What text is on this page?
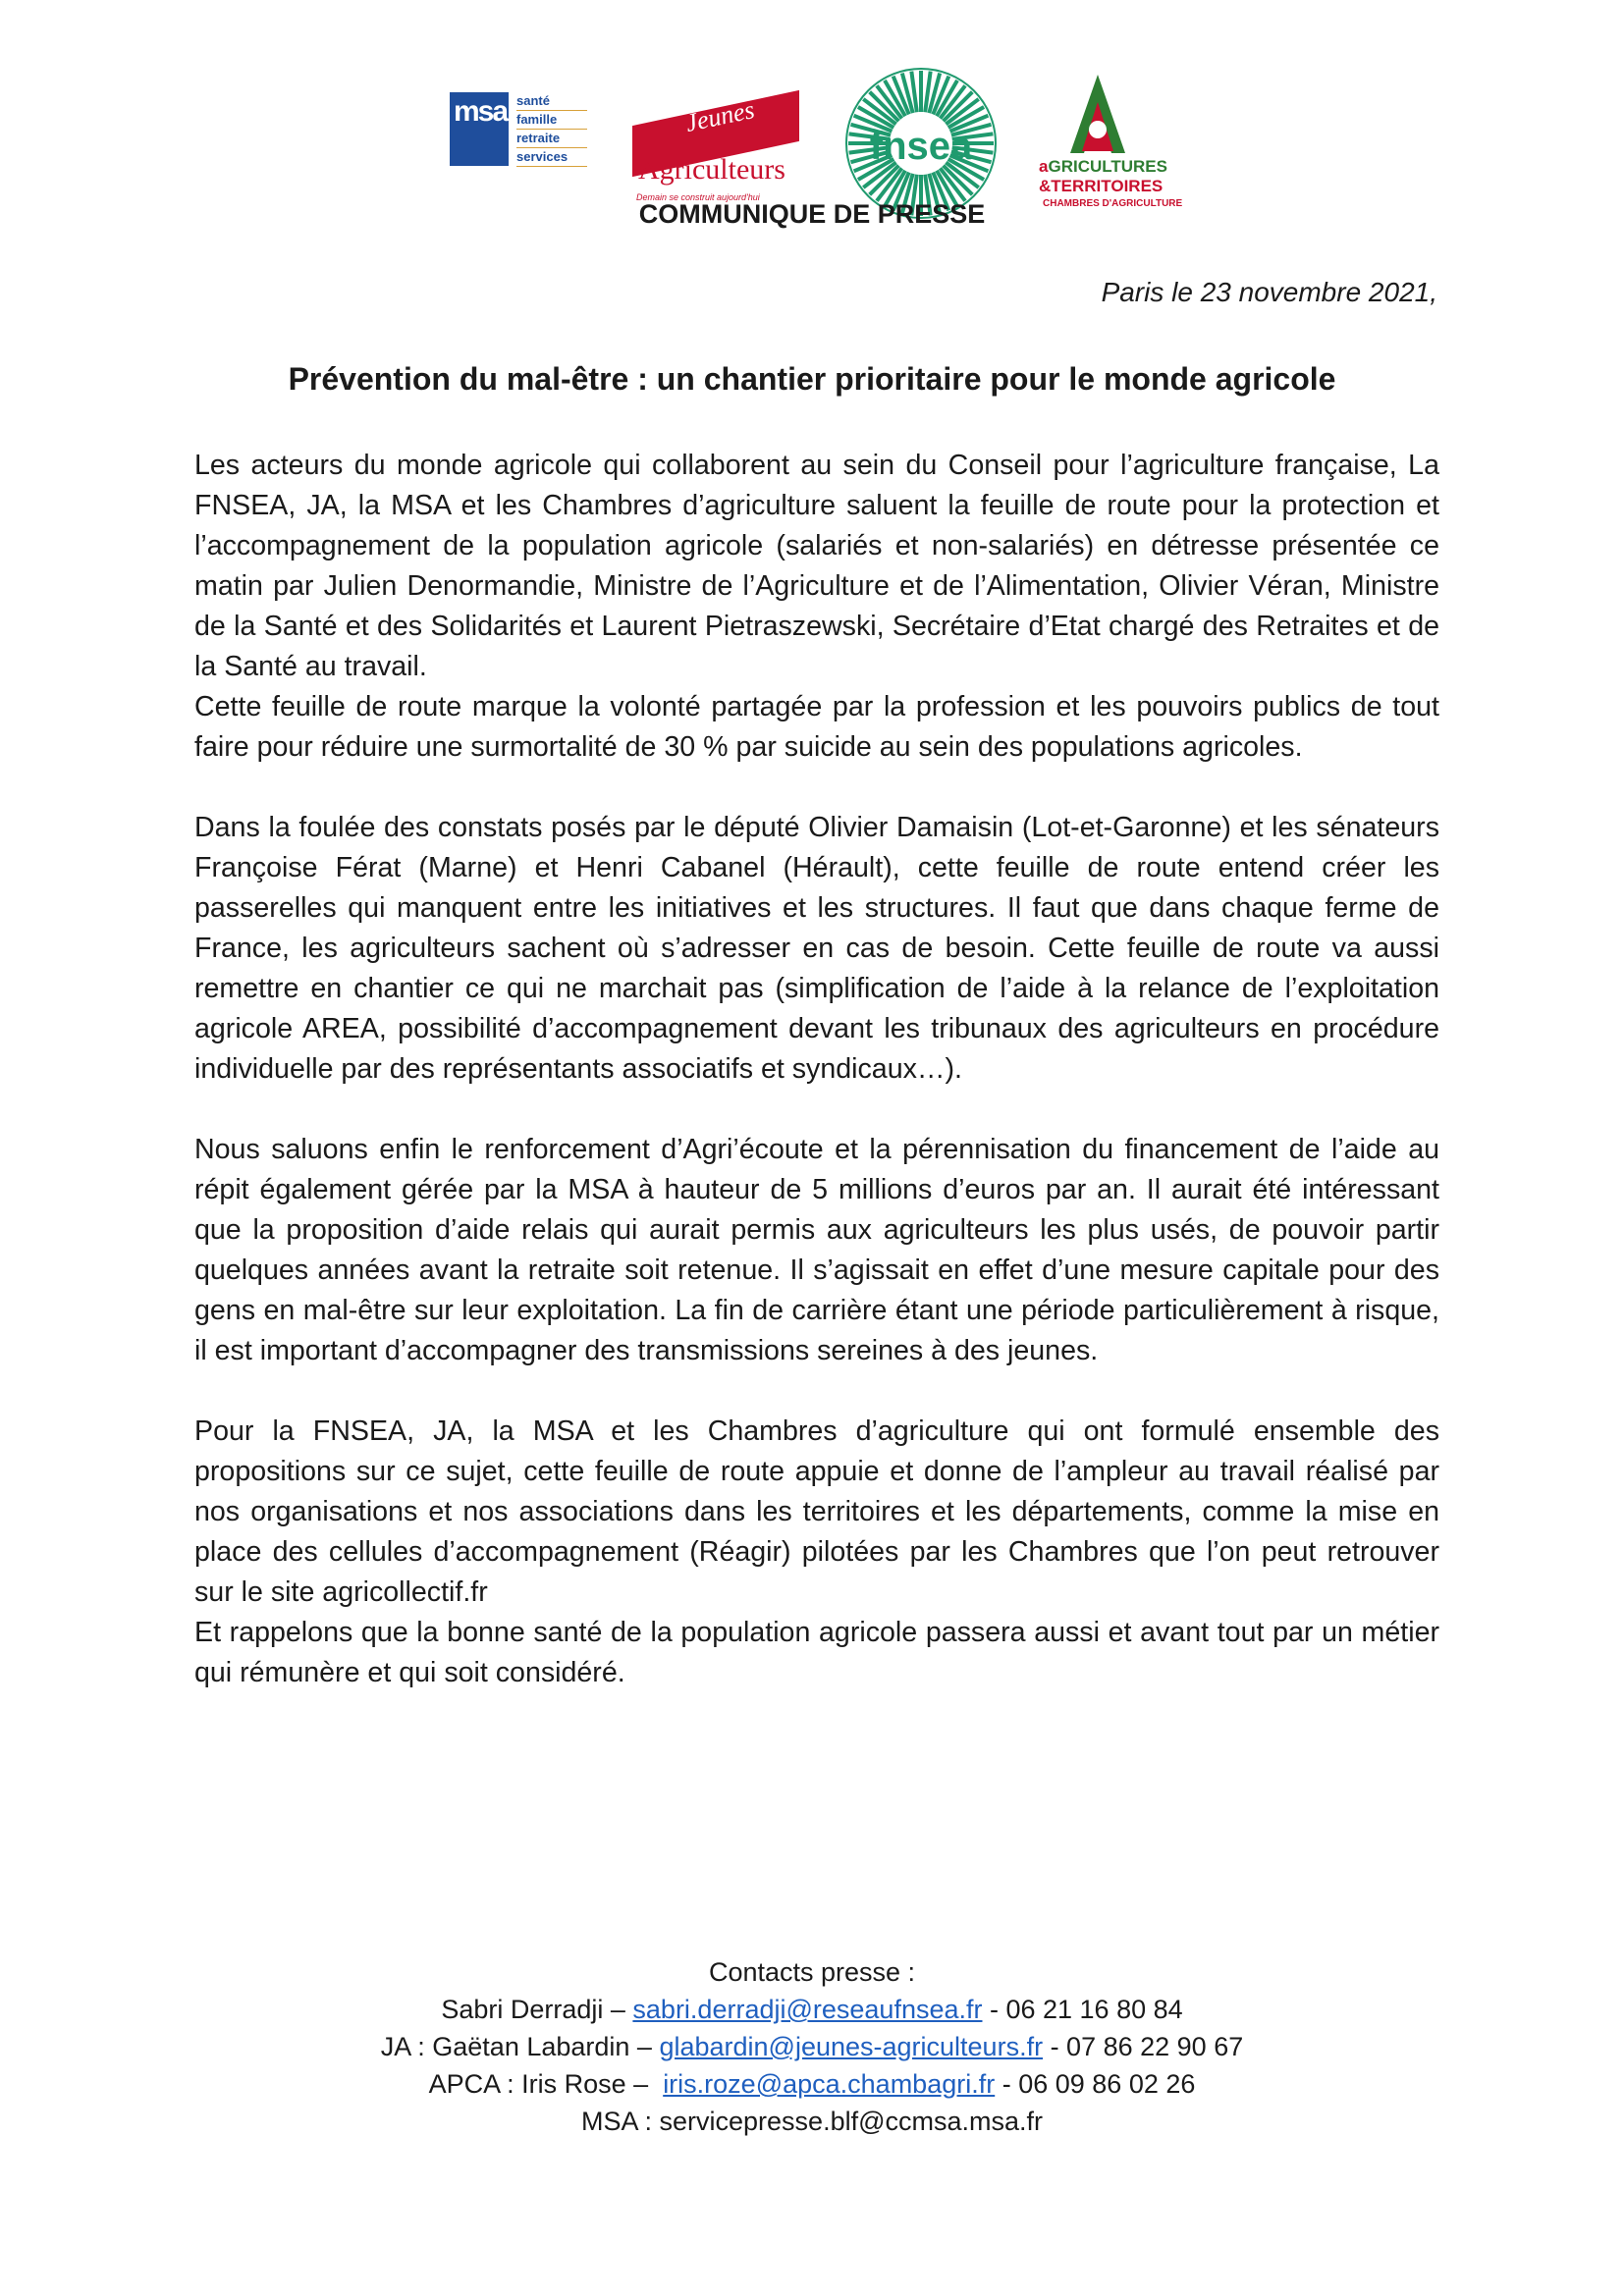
msa santé
famille
retraite
services
Jeunes
Agriculteurs
Demain se construit aujourd'hui
fnsea	aGRICULTURES
&TERRITOIRES
CHAMBRES D'AGRICULTURE
COMMUNIQUE DE PRESSE
Paris le 23 novembre 2021,
Prévention du mal-être : un chantier prioritaire pour le monde agricole

Les acteurs du monde agricole qui collaborent au sein du Conseil pour l’agriculture française, La FNSEA, JA, la MSA et les Chambres d’agriculture saluent la feuille de route pour la protection et l’accompagnement de la population agricole (salariés et non-salariés) en détresse présentée ce matin par Julien Denormandie, Ministre de l’Agriculture et de l’Alimentation, Olivier Véran, Ministre de la Santé et des Solidarités et Laurent Pietraszewski, Secrétaire d’Etat chargé des Retraites et de la Santé au travail.

Cette feuille de route marque la volonté partagée par la profession et les pouvoirs publics de tout faire pour réduire une surmortalité de 30 % par suicide au sein des populations agricoles.

Dans la foulée des constats posés par le député Olivier Damaisin (Lot-et-Garonne) et les sénateurs Françoise Férat (Marne) et Henri Cabanel (Hérault), cette feuille de route entend créer les passerelles qui manquent entre les initiatives et les structures. Il faut que dans chaque ferme de France, les agriculteurs sachent où s’adresser en cas de besoin. Cette feuille de route va aussi remettre en chantier ce qui ne marchait pas (simplification de l’aide à la relance de l’exploitation agricole AREA, possibilité d’accompagnement devant les tribunaux des agriculteurs en procédure individuelle par des représentants associatifs et syndicaux…).

Nous saluons enfin le renforcement d’Agri’écoute et la pérennisation du financement de l’aide au répit également gérée par la MSA à hauteur de 5 millions d’euros par an. Il aurait été intéressant que la proposition d’aide relais qui aurait permis aux agriculteurs les plus usés, de pouvoir partir quelques années avant la retraite soit retenue. Il s’agissait en effet d’une mesure capitale pour des gens en mal-être sur leur exploitation. La fin de carrière étant une période particulièrement à risque, il est important d’accompagner des transmissions sereines à des jeunes.

Pour la FNSEA, JA, la MSA et les Chambres d’agriculture qui ont formulé ensemble des propositions sur ce sujet, cette feuille de route appuie et donne de l’ampleur au travail réalisé par nos organisations et nos associations dans les territoires et les départements, comme la mise en place des cellules d’accompagnement (Réagir) pilotées par les Chambres que l’on peut retrouver sur le site agricollectif.fr

Et rappelons que la bonne santé de la population agricole passera aussi et avant tout par un métier qui rémunère et qui soit considéré.

Contacts presse :
Sabri Derradji – sabri.derradji@reseaufnsea.fr - 06 21 16 80 84
JA : Gaëtan Labardin – glabardin@jeunes-agriculteurs.fr - 07 86 22 90 67
APCA : Iris Rose –  iris.roze@apca.chambagri.fr - 06 09 86 02 26
MSA : servicepresse.blf@ccmsa.msa.fr
